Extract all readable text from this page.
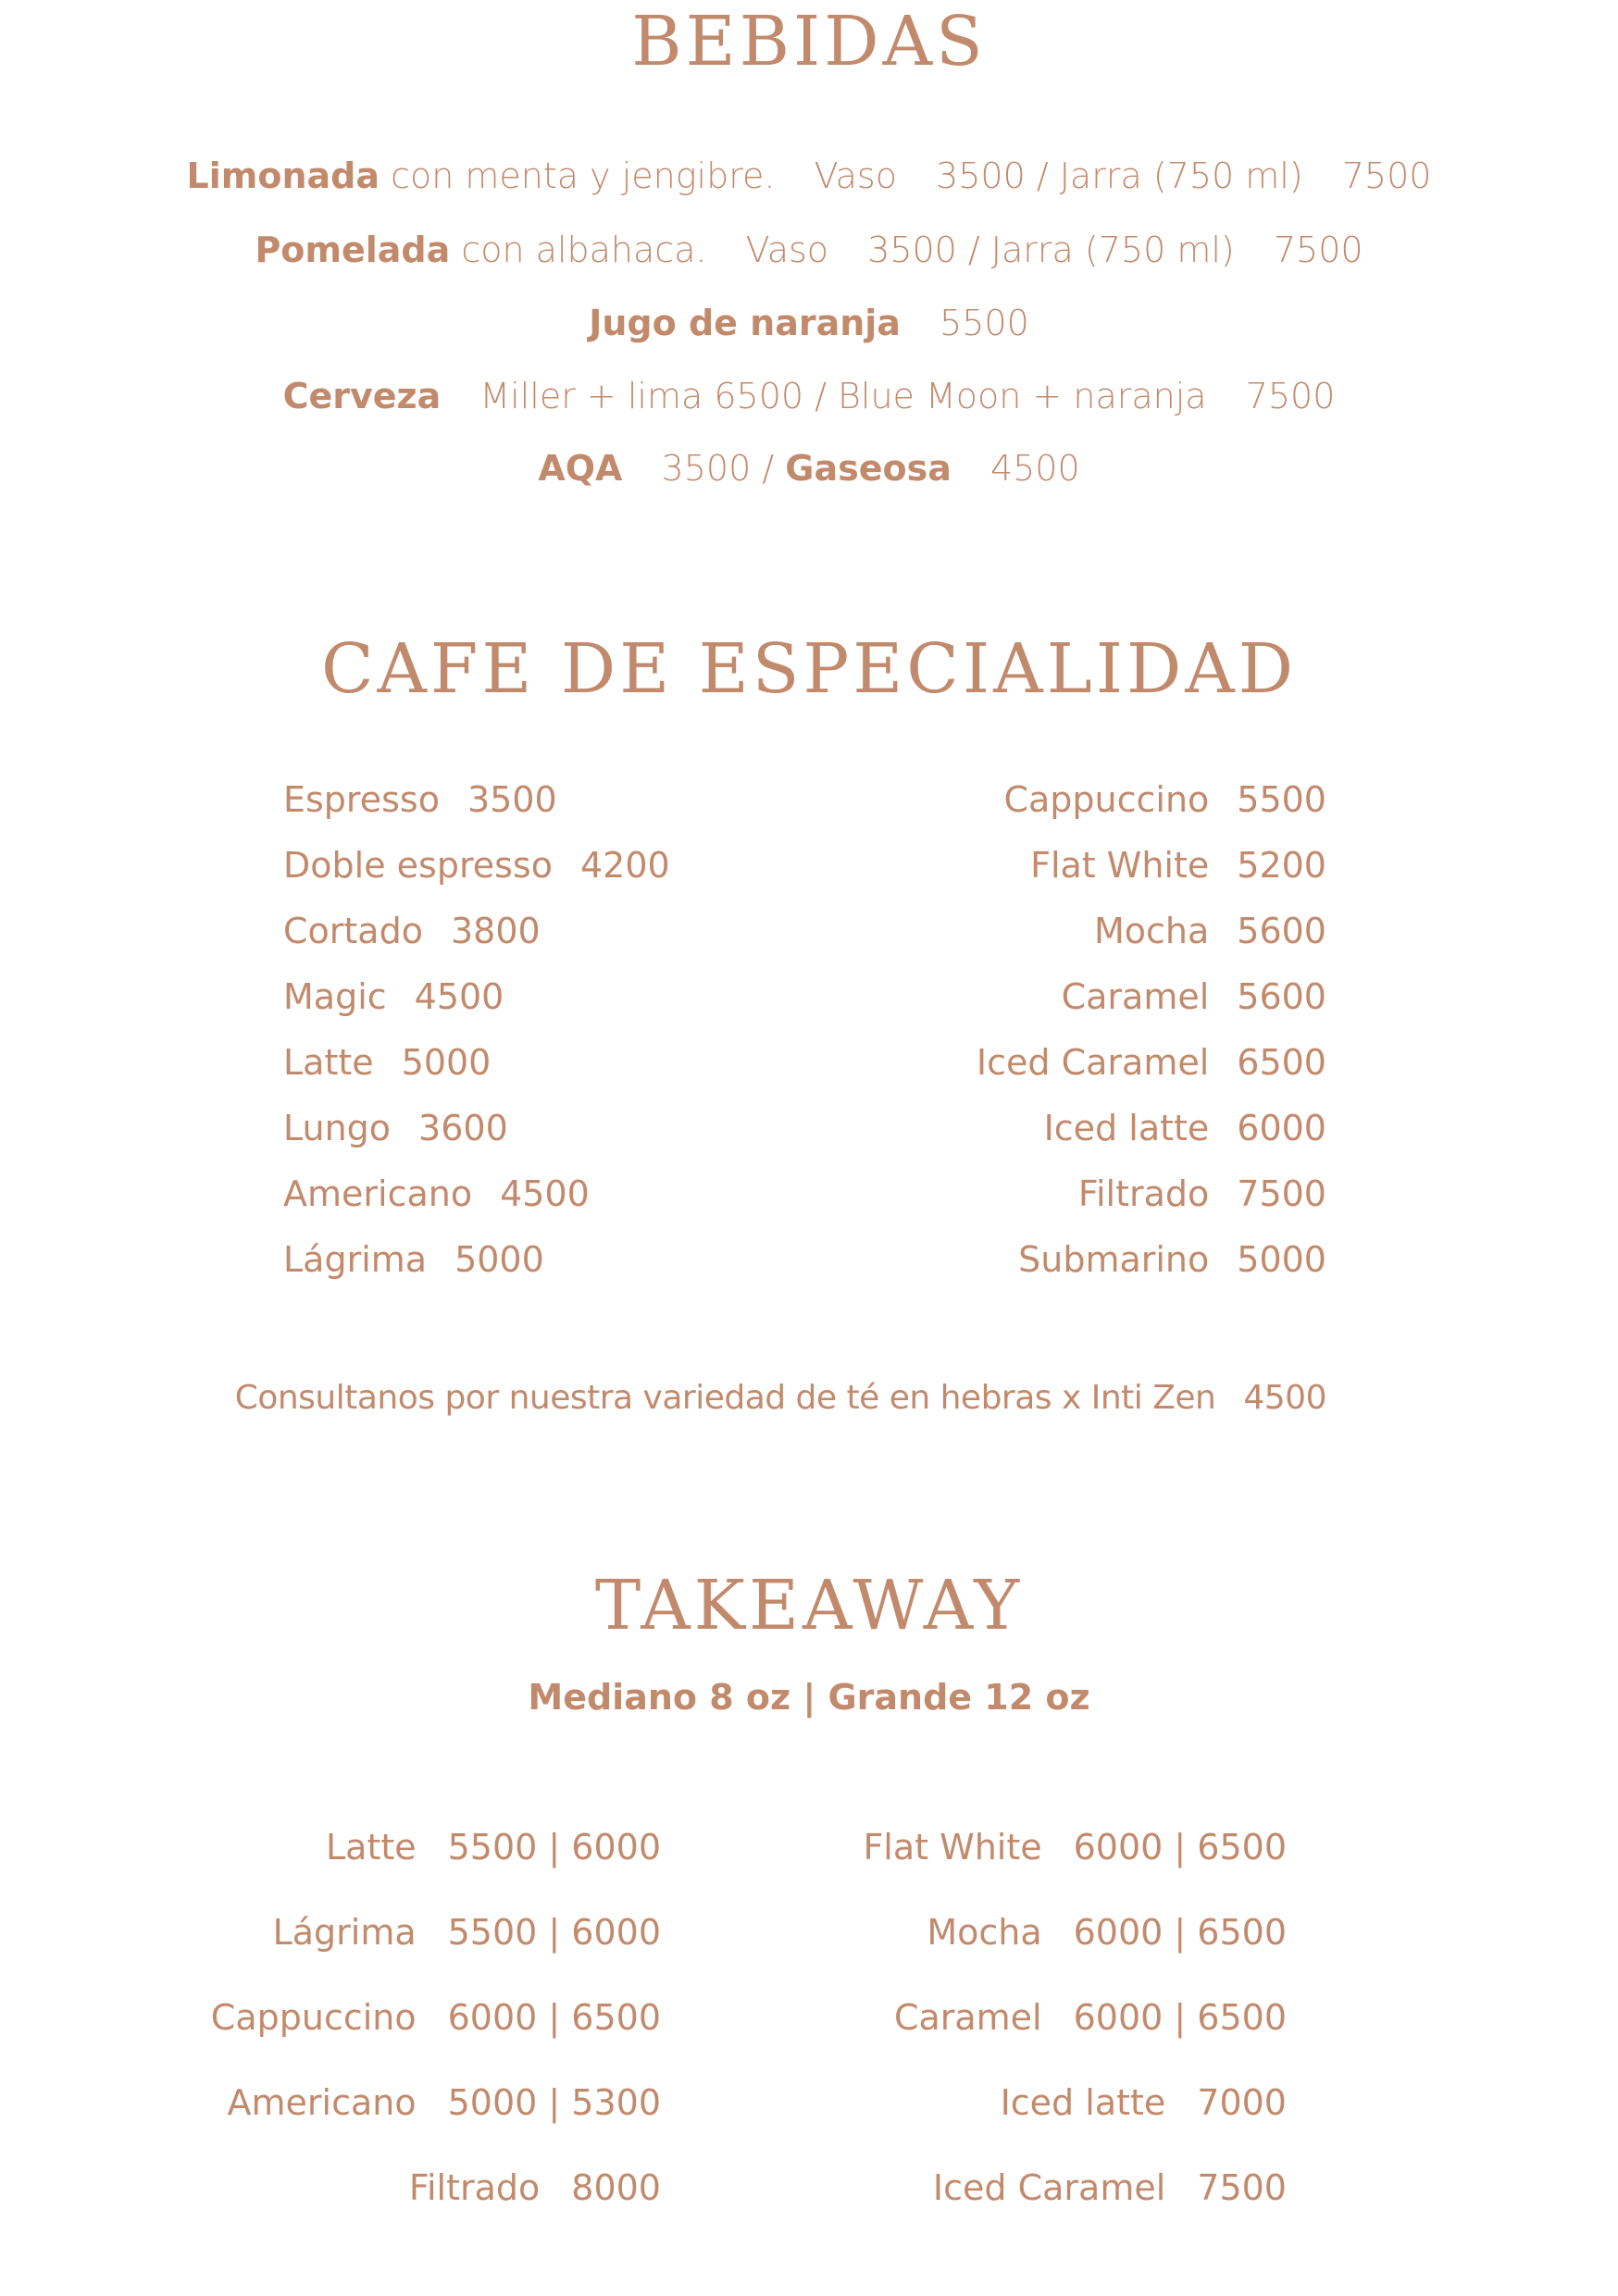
BEBIDAS
Limonada con menta y jengibre. Vaso 3500 / Jarra (750 ml) 7500
Pomelada con albahaca. Vaso 3500 / Jarra (750 ml) 7500
Jugo de naranja 5500
Cerveza Miller + lima 6500 / Blue Moon + naranja 7500
AQA 3500 / Gaseosa 4500
CAFE DE ESPECIALIDAD
Espresso 3500
Doble espresso 4200
Cortado 3800
Magic 4500
Latte 5000
Lungo 3600
Americano 4500
Lágrima 5000
Cappuccino 5500
Flat White 5200
Mocha 5600
Caramel 5600
Iced Caramel 6500
Iced latte 6000
Filtrado 7500
Submarino 5000
Consultanos por nuestra variedad de té en hebras x Inti Zen 4500
TAKEAWAY
Mediano 8 oz | Grande 12 oz
Latte 5500 | 6000
Lágrima 5500 | 6000
Cappuccino 6000 | 6500
Americano 5000 | 5300
Filtrado 8000
Flat White 6000 | 6500
Mocha 6000 | 6500
Caramel 6000 | 6500
Iced latte 7000
Iced Caramel 7500
